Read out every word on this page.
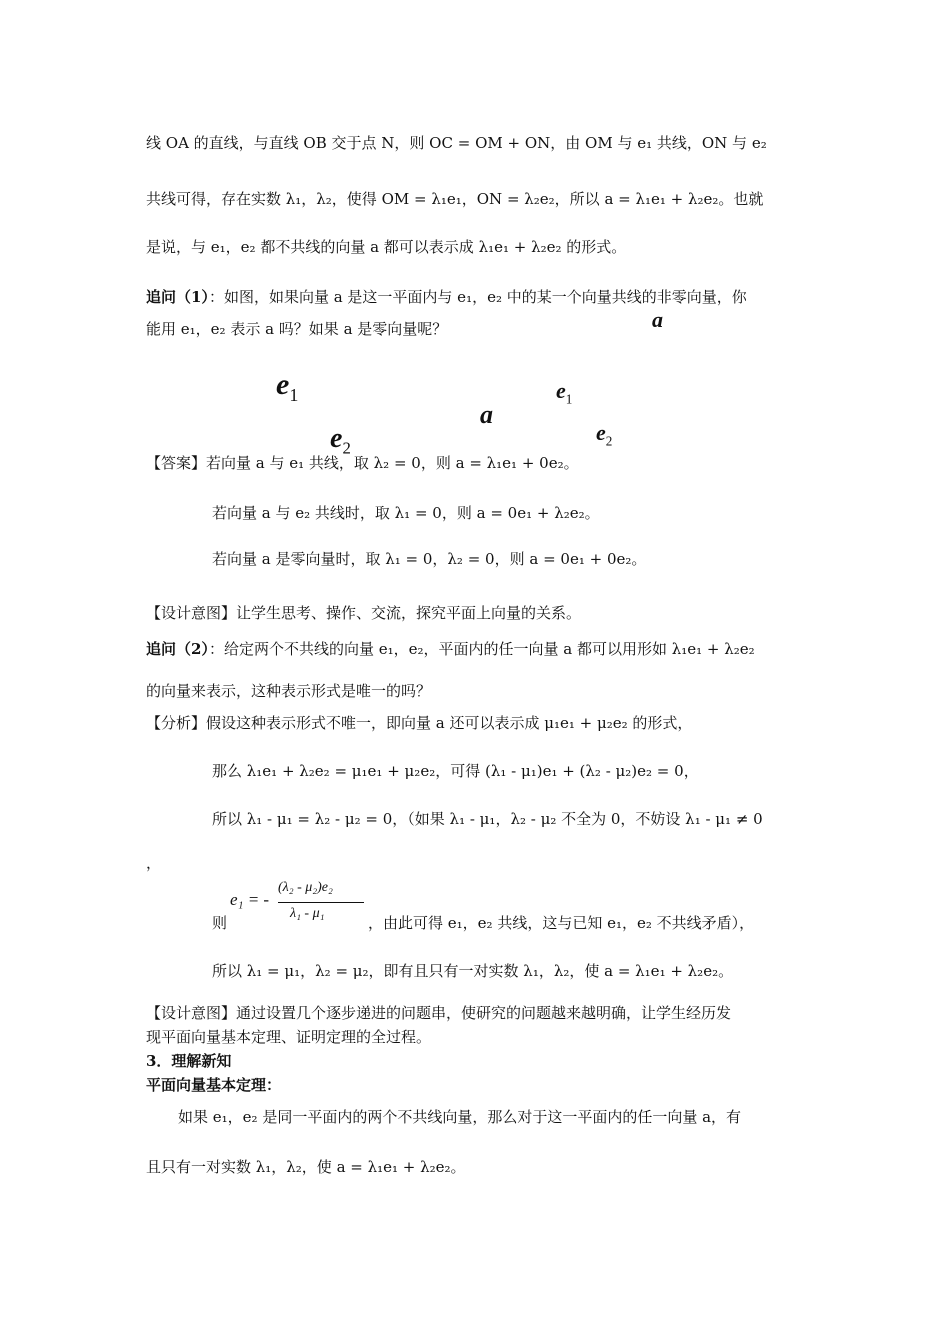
线 OA 的直线，与直线 OB 交于点 N，则 OC = OM + ON，由 OM 与 e₁ 共线，ON 与 e₂
共线可得，存在实数 λ₁，λ₂，使得 OM = λ₁e₁，ON = λ₂e₂，所以 a = λ₁e₁ + λ₂e₂。也就
是说，与 e₁，e₂ 都不共线的向量 a 都可以表示成 λ₁e₁ + λ₂e₂ 的形式。
追问（1）：如图，如果向量 a 是这一平面内与 e₁，e₂ 中的某一个向量共线的非零向量，你
能用 e₁，e₂ 表示 a 吗？如果 a 是零向量呢？	a
$e_1$
$e_2$
a
$e_1$
$e_2$
【答案】若向量 a 与 e₁ 共线，取 λ₂ = 0，则 a = λ₁e₁ + 0e₂。
若向量 a 与 e₂ 共线时，取 λ₁ = 0，则 a = 0e₁ + λ₂e₂。
若向量 a 是零向量时，取 λ₁ = 0，λ₂ = 0，则 a = 0e₁ + 0e₂。
【设计意图】让学生思考、操作、交流，探究平面上向量的关系。
追问（2）：给定两个不共线的向量 e₁，e₂，平面内的任一向量 a 都可以用形如 λ₁e₁ + λ₂e₂
的向量来表示，这种表示形式是唯一的吗？
【分析】假设这种表示形式不唯一，即向量 a 还可以表示成 μ₁e₁ + μ₂e₂ 的形式，
那么 λ₁e₁ + λ₂e₂ = μ₁e₁ + μ₂e₂，可得 (λ₁ - μ₁)e₁ + (λ₂ - μ₂)e₂ = 0，
所以 λ₁ - μ₁ = λ₂ - μ₂ = 0，（如果 λ₁ - μ₁，λ₂ - μ₂ 不全为 0，不妨设 λ₁ - μ₁ ≠ 0
，
则
e₁ = -
(λ₂ - μ₂)e₂
λ₁ - μ₁
，由此可得 e₁，e₂ 共线，这与已知 e₁，e₂ 不共线矛盾），
所以 λ₁ = μ₁，λ₂ = μ₂，即有且只有一对实数 λ₁，λ₂，使 a = λ₁e₁ + λ₂e₂。
【设计意图】通过设置几个逐步递进的问题串，使研究的问题越来越明确，让学生经历发
现平面向量基本定理、证明定理的全过程。
3．理解新知
平面向量基本定理：
如果 e₁，e₂ 是同一平面内的两个不共线向量，那么对于这一平面内的任一向量 a，有
且只有一对实数 λ₁，λ₂，使 a = λ₁e₁ + λ₂e₂。
